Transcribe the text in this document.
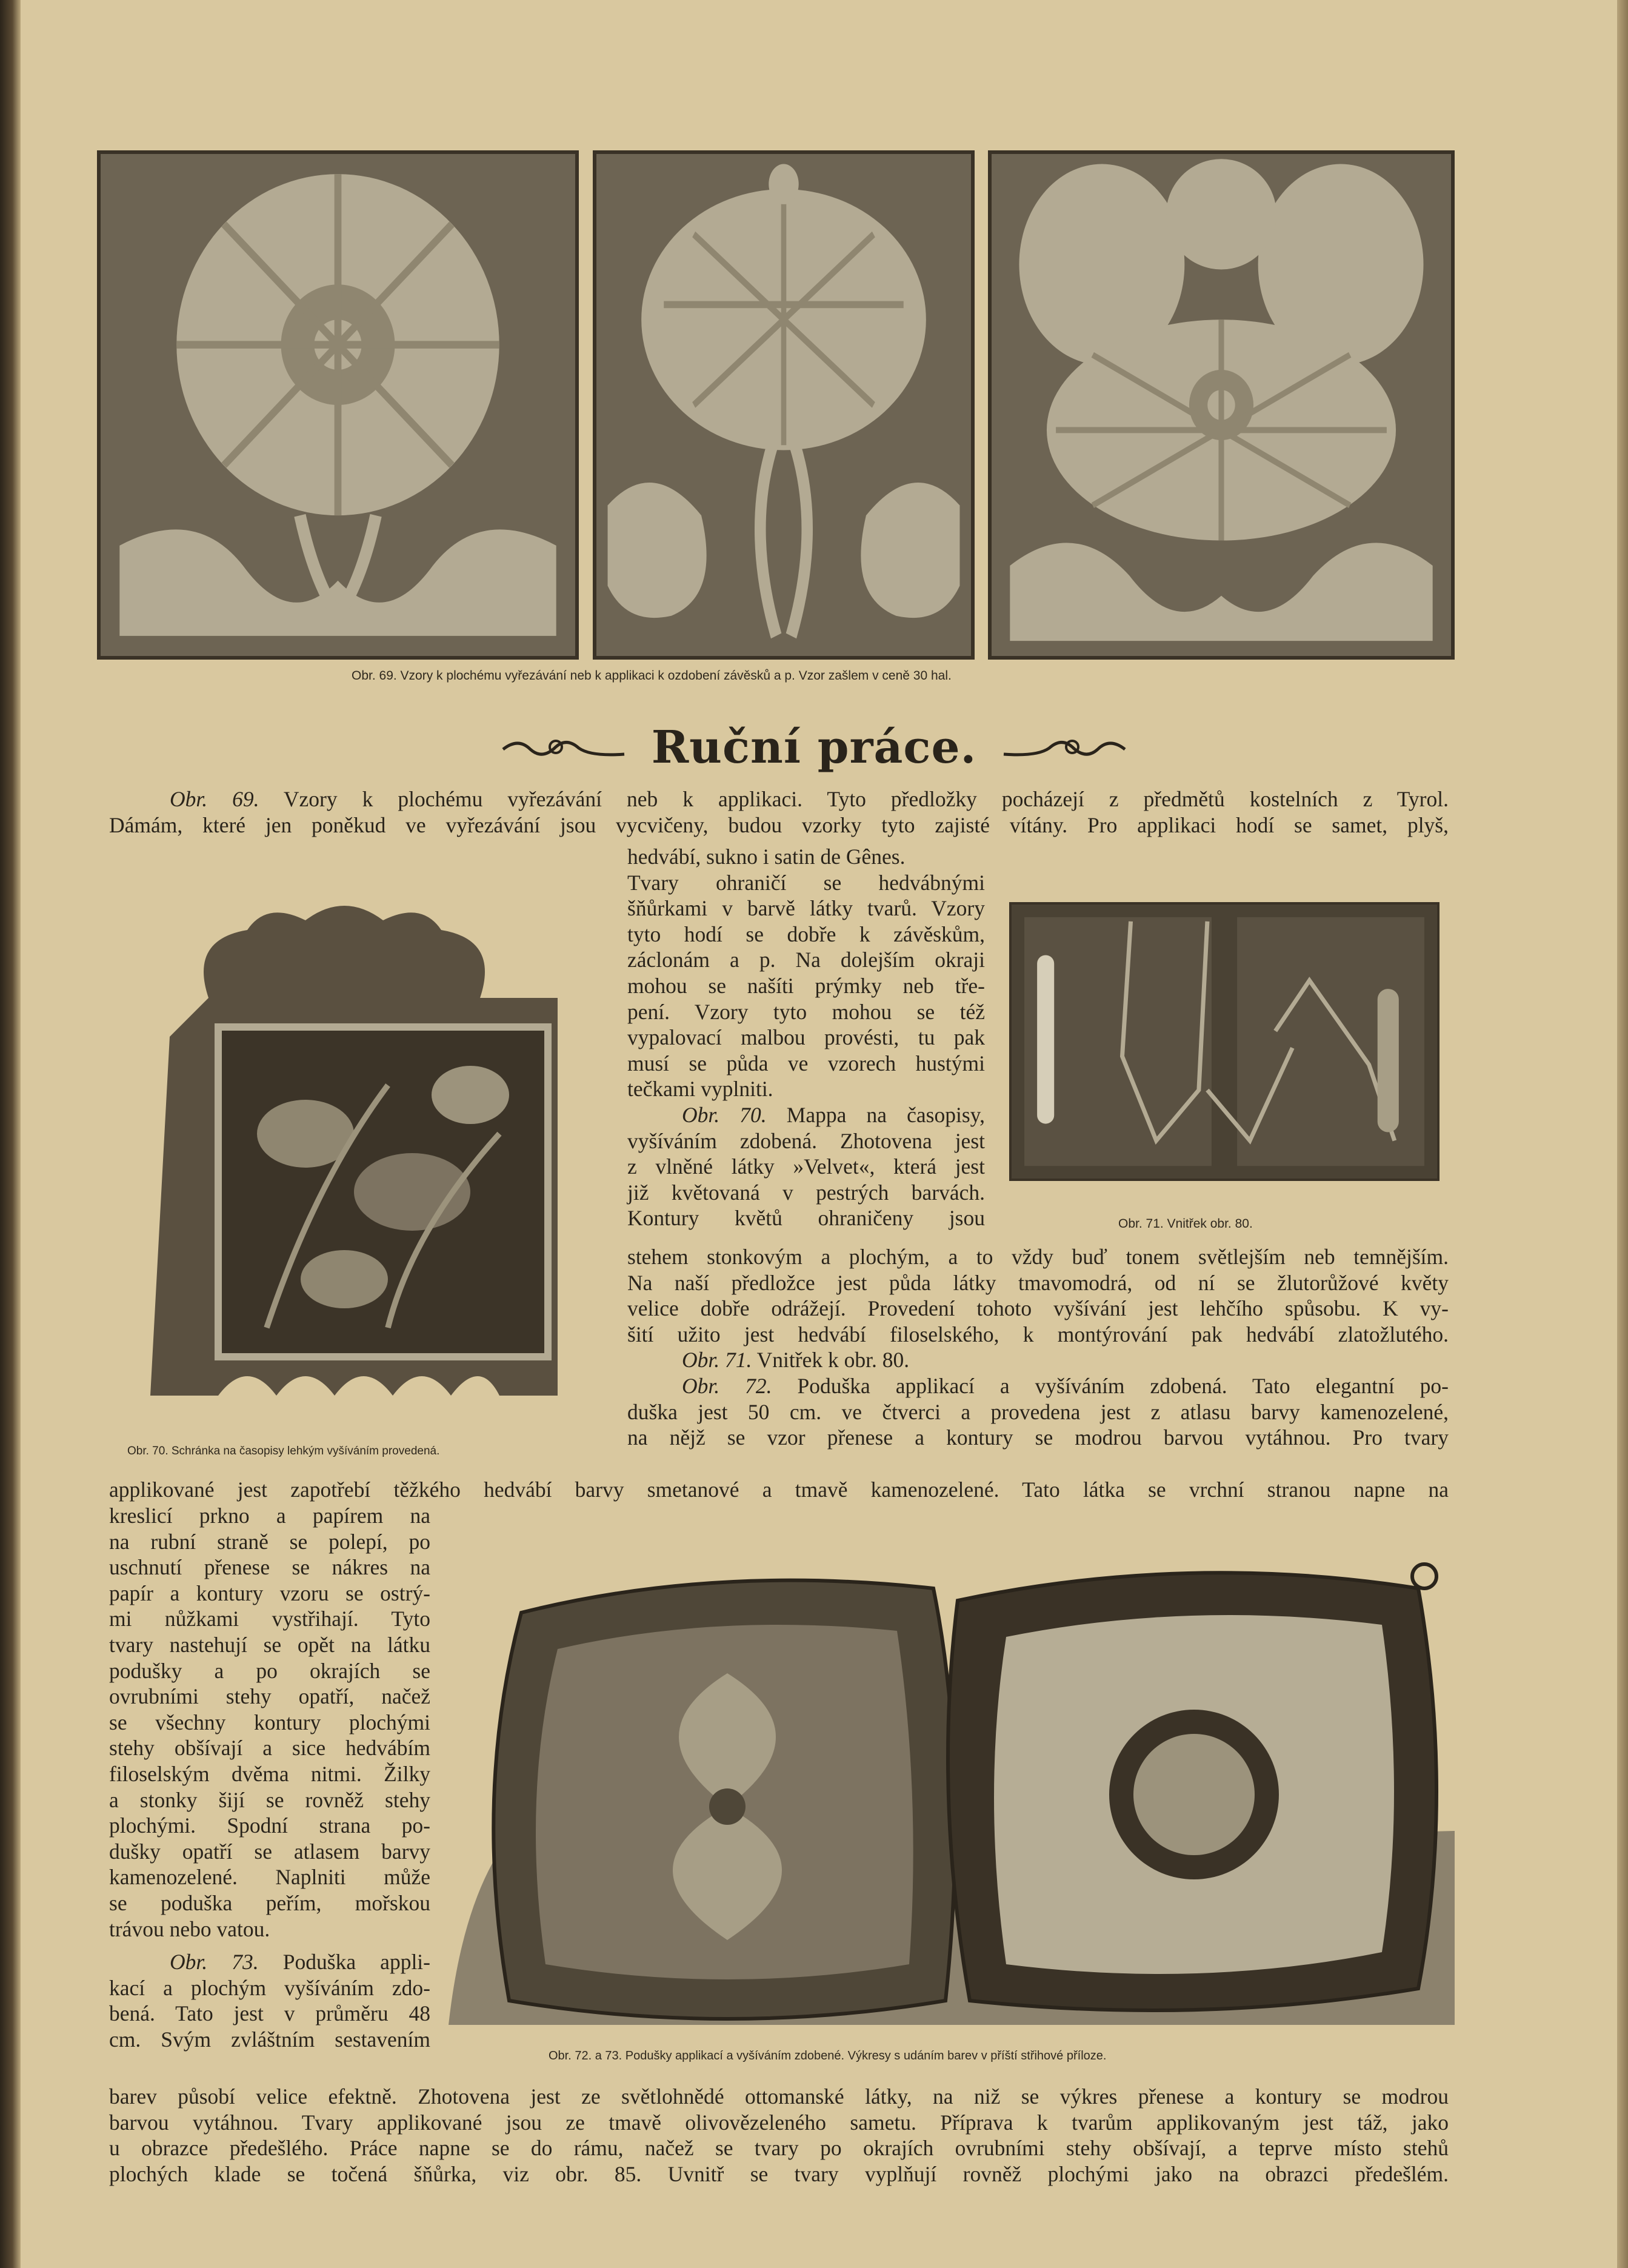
Obr. 69. Vzory k plochému vyřezávání neb k applikaci k ozdobení závěsků a p. Vzor zašlem v ceně 30 hal.
Ruční práce.
Obr. 69. Vzory k plochému vyřezávání neb k applikaci. Tyto předložky pocházejí z předmětů kostelních z Tyrol.
Dámám, které jen poněkud ve vyřezávání jsou vycvičeny, budou vzorky tyto zajisté vítány. Pro applikaci hodí se samet, plyš,
Obr. 70. Schránka na časopisy lehkým vyšíváním provedená.
Obr. 71. Vnitřek obr. 80.
hedvábí, sukno i satin de Gênes.
Tvary ohraničí se hedvábnými
šňůrkami v barvě látky tvarů. Vzory
tyto hodí se dobře k závěskům,
záclonám a p. Na dolejším okraji
mohou se našíti prýmky neb tře-
pení. Vzory tyto mohou se též
vypalovací malbou provésti, tu pak
musí se půda ve vzorech hustými
tečkami vyplniti.
Obr. 70. Mappa na časopisy,
vyšíváním zdobená. Zhotovena jest
z vlněné látky »Velvet«, která jest
již květovaná v pestrých barvách.
Kontury květů ohraničeny jsou
stehem stonkovým a plochým, a to vždy buď tonem světlejším neb temnějším.
Na naší předložce jest půda látky tmavomodrá, od ní se žlutorůžové květy
velice dobře odrážejí. Provedení tohoto vyšívání jest lehčího spůsobu. K vy-
šití užito jest hedvábí filoselského, k montýrování pak hedvábí zlatožlutého.
Obr. 71. Vnitřek k obr. 80.
Obr. 72. Poduška applikací a vyšíváním zdobená. Tato elegantní po-
duška jest 50 cm. ve čtverci a provedena jest z atlasu barvy kamenozelené,
na nějž se vzor přenese a kontury se modrou barvou vytáhnou. Pro tvary
applikované jest zapotřebí těžkého hedvábí barvy smetanové a tmavě kamenozelené. Tato látka se vrchní stranou napne na
kreslicí prkno a papírem na
na rubní straně se polepí, po
uschnutí přenese se nákres na
papír a kontury vzoru se ostrý-
mi nůžkami vystřihají. Tyto
tvary nastehují se opět na látku
podušky a po okrajích se
ovrubními stehy opatří, načež
se všechny kontury plochými
stehy obšívají a sice hedvábím
filoselským dvěma nitmi. Žilky
a stonky šijí se rovněž stehy
plochými. Spodní strana po-
dušky opatří se atlasem barvy
kamenozelené. Naplniti může
se poduška peřím, mořskou
trávou nebo vatou.
Obr. 73. Poduška appli-
kací a plochým vyšíváním zdo-
bená. Tato jest v průměru 48
cm. Svým zvláštním sestavením
Obr. 72. a 73. Podušky applikací a vyšíváním zdobené. Výkresy s udáním barev v příští střihové příloze.
barev působí velice efektně. Zhotovena jest ze světlohnědé ottomanské látky, na niž se výkres přenese a kontury se modrou
barvou vytáhnou. Tvary applikované jsou ze tmavě olivovězeleného sametu. Příprava k tvarům applikovaným jest táž, jako
u obrazce předešlého. Práce napne se do rámu, načež se tvary po okrajích ovrubními stehy obšívají, a teprve místo stehů
plochých klade se točená šňůrka, viz obr. 85. Uvnitř se tvary vyplňují rovněž plochými jako na obrazci předešlém.
